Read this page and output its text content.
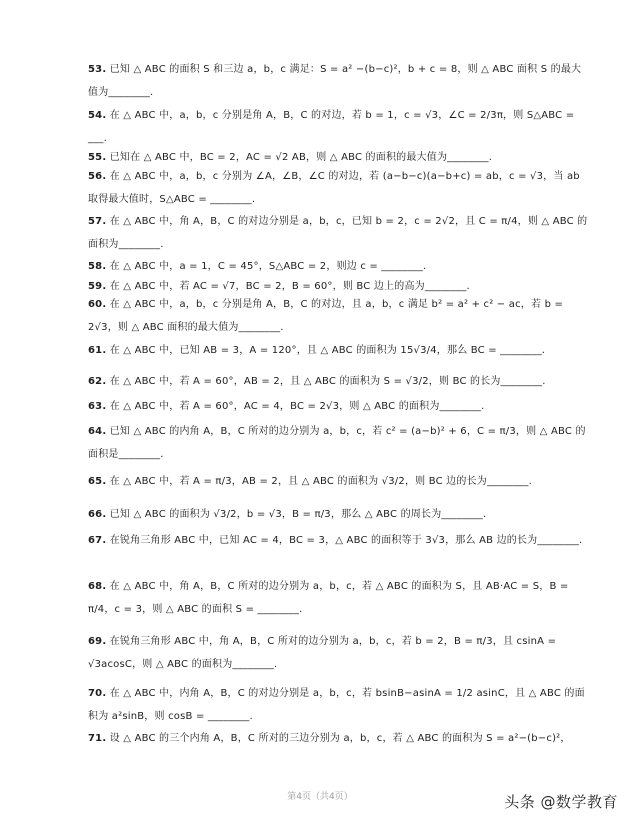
53. 已知 △ ABC 的面积 S 和三边 a，b，c 满足：S = a² −(b−c)²，b + c = 8，则 △ ABC 面积 S 的最大值为________.
54. 在 △ ABC 中，a，b，c 分别是角 A，B，C 的对边，若 b = 1，c = √3，∠C = 2/3π，则 S△ABC = ___.
55. 已知在 △ ABC 中，BC = 2，AC = √2 AB，则 △ ABC 的面积的最大值为________.
56. 在 △ ABC 中，a，b，c 分别为 ∠A，∠B，∠C 的对边，若 (a−b−c)(a−b+c) = ab，c = √3，当 ab 取得最大值时，S△ABC = ________.
57. 在 △ ABC 中，角 A，B，C 的对边分别是 a，b，c，已知 b = 2，c = 2√2，且 C = π/4，则 △ ABC 的面积为________.
58. 在 △ ABC 中，a = 1，C = 45°，S△ABC = 2，则边 c = ________.
59. 在 △ ABC 中，若 AC = √7，BC = 2，B = 60°，则 BC 边上的高为________.
60. 在 △ ABC 中，a，b，c 分别是角 A，B，C 的对边，且 a，b，c 满足 b² = a² + c² − ac，若 b = 2√3，则 △ ABC 面积的最大值为________.
61. 在 △ ABC 中，已知 AB = 3，A = 120°，且 △ ABC 的面积为 15√3/4，那么 BC = ________.
62. 在 △ ABC 中，若 A = 60°，AB = 2，且 △ ABC 的面积为 S = √3/2，则 BC 的长为________.
63. 在 △ ABC 中，若 A = 60°，AC = 4，BC = 2√3，则 △ ABC 的面积为________.
64. 已知 △ ABC 的内角 A，B，C 所对的边分别为 a，b，c，若 c² = (a−b)² + 6，C = π/3，则 △ ABC 的面积是________.
65. 在 △ ABC 中，若 A = π/3，AB = 2，且 △ ABC 的面积为 √3/2，则 BC 边的长为________.
66. 已知 △ ABC 的面积为 √3/2，b = √3，B = π/3，那么 △ ABC 的周长为________.
67. 在锐角三角形 ABC 中，已知 AC = 4，BC = 3，△ ABC 的面积等于 3√3，那么 AB 边的长为________.
68. 在 △ ABC 中，角 A，B，C 所对的边分别为 a，b，c，若 △ ABC 的面积为 S，且 AB·AC = S，B = π/4，c = 3，则 △ ABC 的面积 S = ________.
69. 在锐角三角形 ABC 中，角 A，B，C 所对的边分别为 a，b，c，若 b = 2，B = π/3，且 csinA = √3acosC，则 △ ABC 的面积为________.
70. 在 △ ABC 中，内角 A，B，C 的对边分别是 a，b，c，若 bsinB−asinA = 1/2 asinC，且 △ ABC 的面积为 a²sinB，则 cosB = ________.
71. 设 △ ABC 的三个内角 A，B，C 所对的三边分别为 a，b，c，若 △ ABC 的面积为 S = a²−(b−c)²，
第4页（共4页）	头条 @数学教育
